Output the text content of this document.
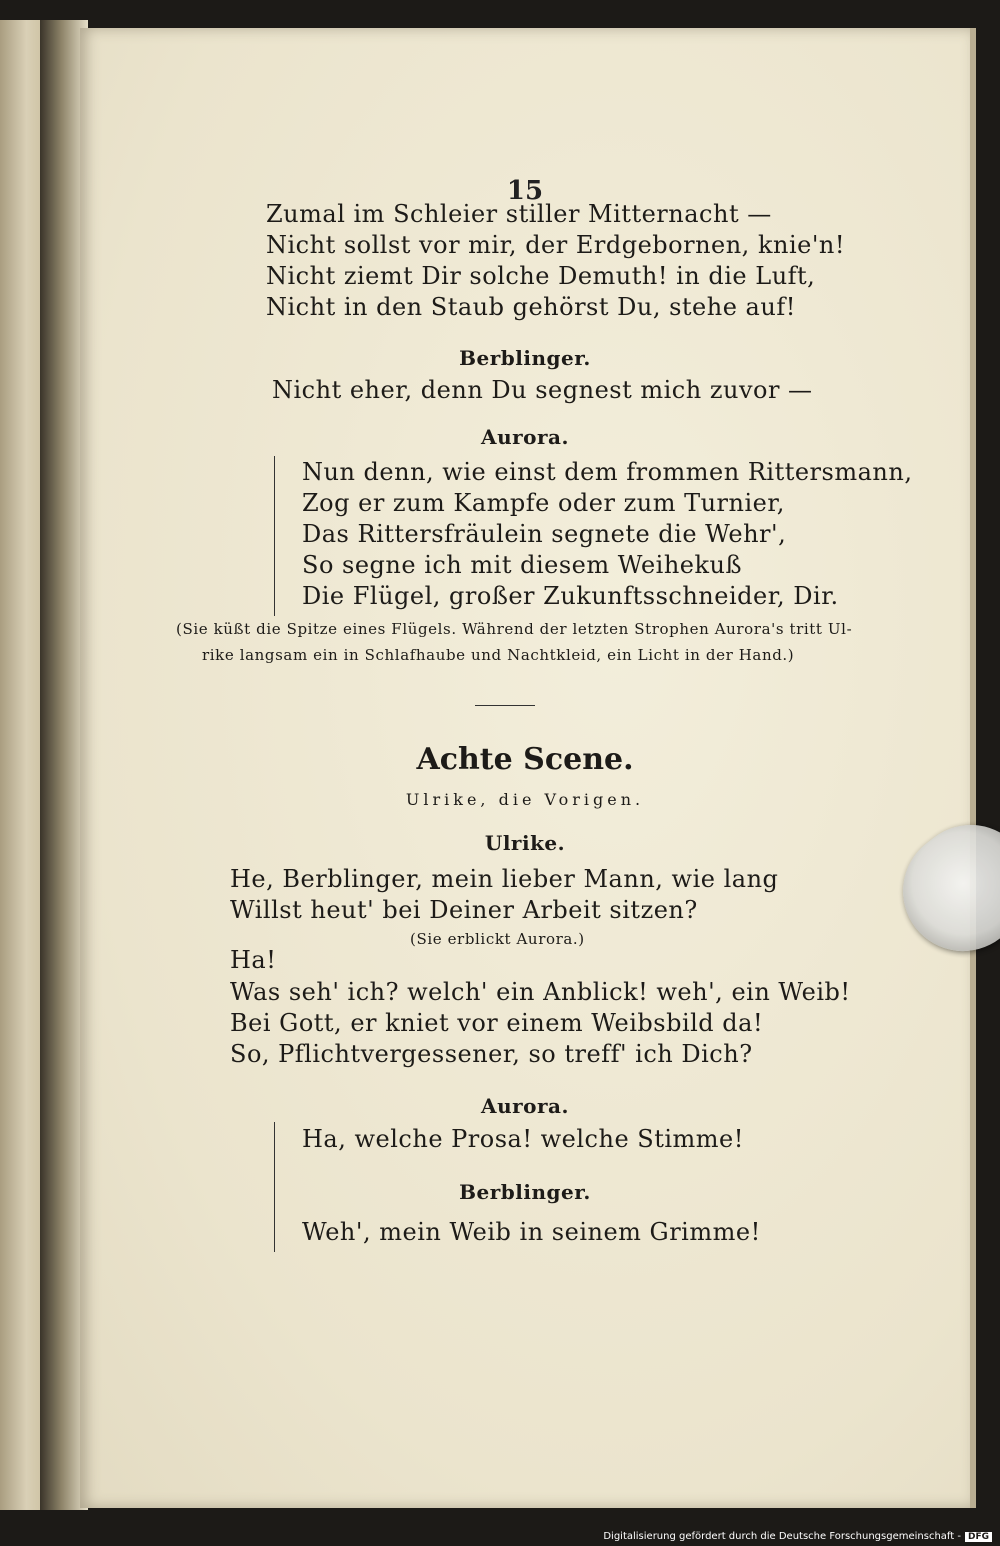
15
Zumal im Schleier stiller Mitternacht —
Nicht sollst vor mir, der Erdgebornen, knie'n!
Nicht ziemt Dir solche Demuth! in die Luft,
Nicht in den Staub gehörst Du, stehe auf!
Berblinger.
Nicht eher, denn Du segnest mich zuvor —
Aurora.
Nun denn, wie einst dem frommen Rittersmann,
Zog er zum Kampfe oder zum Turnier,
Das Rittersfräulein segnete die Wehr',
So segne ich mit diesem Weihekuß
Die Flügel, großer Zukunftsschneider, Dir.
(Sie küßt die Spitze eines Flügels. Während der letzten Strophen Aurora's tritt Ul-
rike langsam ein in Schlafhaube und Nachtkleid, ein Licht in der Hand.)
Achte Scene.
Ulrike, die Vorigen.
Ulrike.
He, Berblinger, mein lieber Mann, wie lang
Willst heut' bei Deiner Arbeit sitzen?
(Sie erblickt Aurora.)
Ha!
Was seh' ich? welch' ein Anblick! weh', ein Weib!
Bei Gott, er kniet vor einem Weibsbild da!
So, Pflichtvergessener, so treff' ich Dich?
Aurora.
Ha, welche Prosa! welche Stimme!
Berblinger.
Weh', mein Weib in seinem Grimme!
Digitalisierung gefördert durch die Deutsche Forschungsgemeinschaft - DFG
